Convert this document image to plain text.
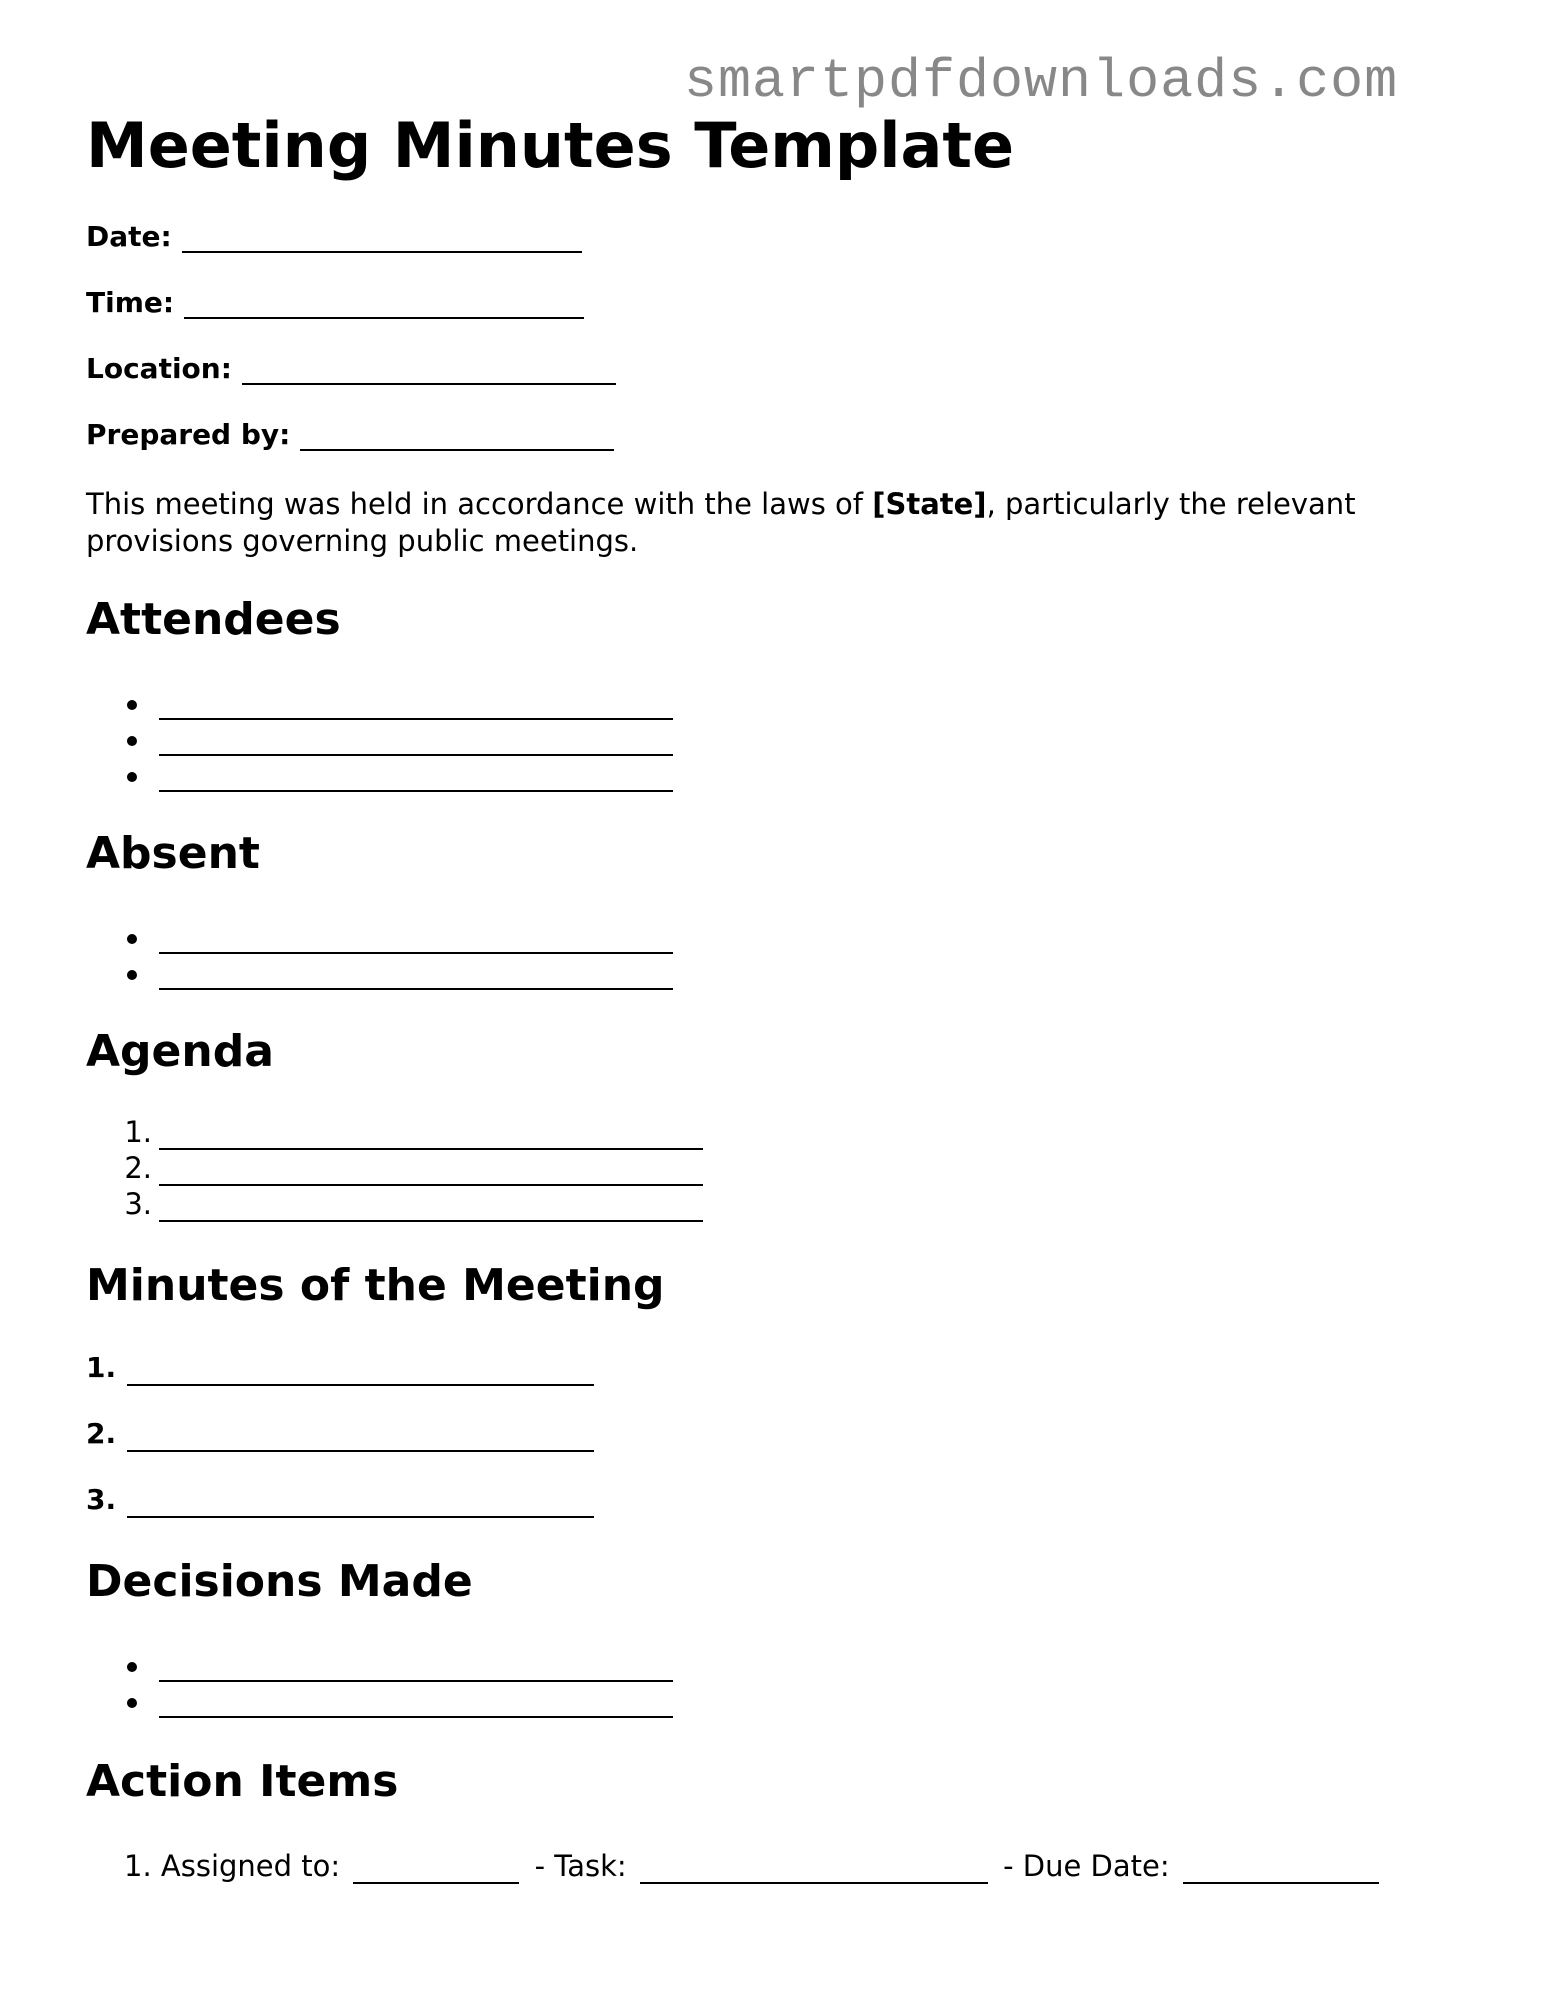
smartpdfdownloads.com
Meeting Minutes Template
Date:
Time:
Location:
Prepared by:
This meeting was held in accordance with the laws of [State], particularly the relevant provisions governing public meetings.
Attendees
Absent
Agenda
1.
2.
3.
Minutes of the Meeting
1.
2.
3.
Decisions Made
Action Items
1. Assigned to:	- Task:	- Due Date:
